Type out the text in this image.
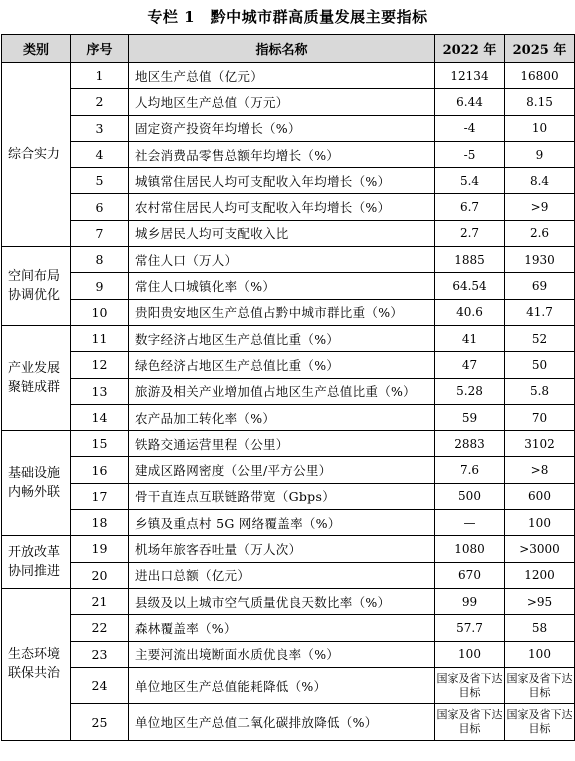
专栏 1　黔中城市群高质量发展主要指标
类别	序号	指标名称	2022 年	2025 年
综合实力	1	地区生产总值（亿元）	12134	16800
	2	人均地区生产总值（万元）	6.44	8.15
	3	固定资产投资年均增长（%）	-4	10
	4	社会消费品零售总额年均增长（%）	-5	9
	5	城镇常住居民人均可支配收入年均增长（%）	5.4	8.4
	6	农村常住居民人均可支配收入年均增长（%）	6.7	>9
	7	城乡居民人均可支配收入比	2.7	2.6
空间布局协调优化	8	常住人口（万人）	1885	1930
	9	常住人口城镇化率（%）	64.54	69
	10	贵阳贵安地区生产总值占黔中城市群比重（%）	40.6	41.7
产业发展聚链成群	11	数字经济占地区生产总值比重（%）	41	52
	12	绿色经济占地区生产总值比重（%）	47	50
	13	旅游及相关产业增加值占地区生产总值比重（%）	5.28	5.8
	14	农产品加工转化率（%）	59	70
基础设施内畅外联	15	铁路交通运营里程（公里）	2883	3102
	16	建成区路网密度（公里/平方公里）	7.6	>8
	17	骨干直连点互联链路带宽（Gbps）	500	600
	18	乡镇及重点村 5G 网络覆盖率（%）	—	100
开放改革协同推进	19	机场年旅客吞吐量（万人次）	1080	>3000
	20	进出口总额（亿元）	670	1200
生态环境联保共治	21	县级及以上城市空气质量优良天数比率（%）	99	>95
	22	森林覆盖率（%）	57.7	58
	23	主要河流出境断面水质优良率（%）	100	100
	24	单位地区生产总值能耗降低（%）	国家及省下达目标	国家及省下达目标
	25	单位地区生产总值二氧化碳排放降低（%）	国家及省下达目标	国家及省下达目标
